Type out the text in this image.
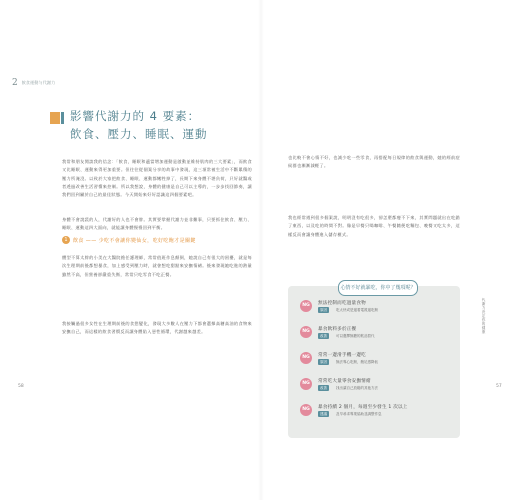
2 飲食運動与代謝力
影響代謝力的 4 要素：
飲食、壓力、睡眠、運動
我常和朋友閒談我的信念：「飲食，睡眠和適當增加運動是啟動並維持肌肉的三大要素」，而飲食又比睡眠、運動來得更加重要。但往往從個案分享的故事中發現，這三項常被生活中不斷累積的壓力所淹沒。以致於大家把飲食、睡眠、運動都犧牲掉了，長期下來身體不堪負荷，只好就醫或者透過改善生活習慣來控制。所以我想說，身體的健康是自己可以主導的，一步步找回節奏，讓我們回到屬於自己的最佳狀態。今天開始來好好認識這四個要素吧。
身體不會說謊的人，代謝好的人也不會胖。其實要掌握代謝力並非難事，只要抓住飲食、壓力、睡眠、運動這四大面向，就能讓身體慢慢回到平衡。
1	飲食 —— 少吃不會讓你變仙女，吃好吃飽才是關鍵
體型不算太胖的小美在大醫院擔任護理師，常常值班作息顛倒，她說自己有很大的困擾，就是每次生理期前後都想暴食，加上感受到壓力時，就會想吃甜點來安撫情緒。後來發現她吃進的熱量雖然不高，但營養卻嚴重失衡，常常只吃零食不吃正餐。
我接觸過很多女性在生理期前後的食慾變化，發現大多數人在壓力下都會選擇高糖高油的食物來安撫自己，而這樣的飲食習慣反而讓身體陷入惡性循環，代謝越來越差。
也比較不會心情不好，也減少吃一些零食，再搭配每日規律的飲食與運動，她的經前症候群也漸漸減輕了。
我也經常遇到很多個案說，明明沒有吃很多，卻怎麼都瘦不下來，其實問題就出在吃錯了東西，以及吃的時間不對。像是早餐只喝咖啡、午餐隨便吃麵包、晚餐又吃太多，這樣反而會讓身體進入儲存模式。
心情不好就暴吃，你中了幾項呢？
NG	無法控制而吃過量食物
原因	吃太快或是邊看電視邊吃飯
NG	暴食飲料多於正餐
改善	可以選擇無糖的飲品替代
NG	常常一邊滑手機一邊吃
原因	無法專心吃飯，飽足感降低
NG	常常吃大量零食安撫情緒
改善	找出讓自己放鬆的其他方法
NG	暴食持續 2 個月，每週至少發生 1 次以上
建議	及早尋求專業協助並調整作息
代謝力決定你的健康
58	57
